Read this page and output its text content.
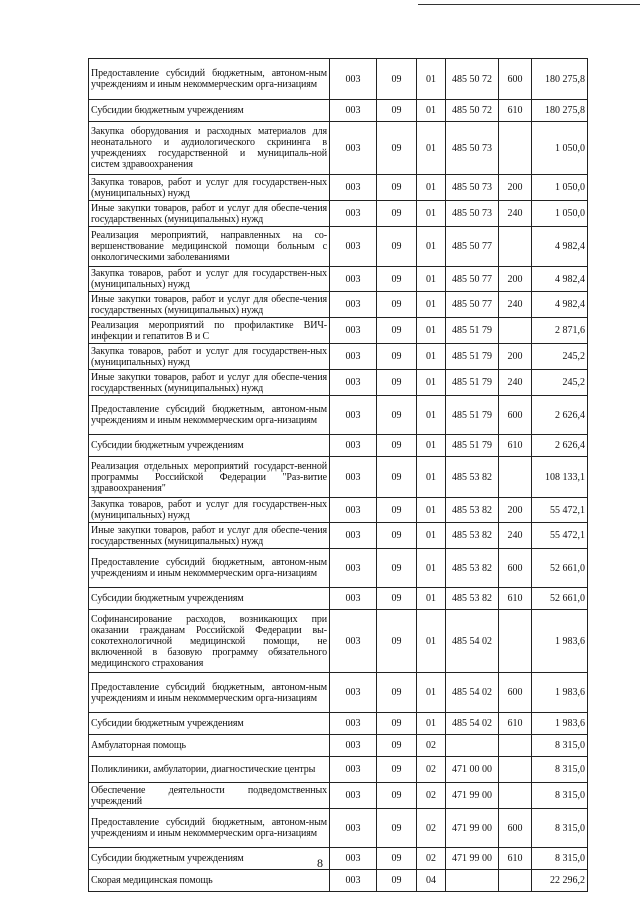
Предоставление субсидий бюджетным, автоном-ным учреждениям и иным некоммерческим орга-низациям	003	09	01	485 50 72	600	180 275,8
Субсидии бюджетным учреждениям	003	09	01	485 50 72	610	180 275,8
Закупка оборудования и расходных материалов для неонатального и аудиологического скрининга в учреждениях государственной и муниципаль-ной систем здравоохранения	003	09	01	485 50 73		1 050,0
Закупка товаров, работ и услуг для государствен-ных (муниципальных) нужд	003	09	01	485 50 73	200	1 050,0
Иные закупки товаров, работ и услуг для обеспе-чения государственных (муниципальных) нужд	003	09	01	485 50 73	240	1 050,0
Реализация мероприятий, направленных на со-вершенствование медицинской помощи больным с онкологическими заболеваниями	003	09	01	485 50 77		4 982,4
Закупка товаров, работ и услуг для государствен-ных (муниципальных) нужд	003	09	01	485 50 77	200	4 982,4
Иные закупки товаров, работ и услуг для обеспе-чения государственных (муниципальных) нужд	003	09	01	485 50 77	240	4 982,4
Реализация мероприятий по профилактике ВИЧ-инфекции и гепатитов В и С	003	09	01	485 51 79		2 871,6
Закупка товаров, работ и услуг для государствен-ных (муниципальных) нужд	003	09	01	485 51 79	200	245,2
Иные закупки товаров, работ и услуг для обеспе-чения государственных (муниципальных) нужд	003	09	01	485 51 79	240	245,2
Предоставление субсидий бюджетным, автоном-ным учреждениям и иным некоммерческим орга-низациям	003	09	01	485 51 79	600	2 626,4
Субсидии бюджетным учреждениям	003	09	01	485 51 79	610	2 626,4
Реализация отдельных мероприятий государст-венной программы Российской Федерации "Раз-витие здравоохранения"	003	09	01	485 53 82		108 133,1
Закупка товаров, работ и услуг для государствен-ных (муниципальных) нужд	003	09	01	485 53 82	200	55 472,1
Иные закупки товаров, работ и услуг для обеспе-чения государственных (муниципальных) нужд	003	09	01	485 53 82	240	55 472,1
Предоставление субсидий бюджетным, автоном-ным учреждениям и иным некоммерческим орга-низациям	003	09	01	485 53 82	600	52 661,0
Субсидии бюджетным учреждениям	003	09	01	485 53 82	610	52 661,0
Софинансирование расходов, возникающих при оказании гражданам Российской Федерации вы-сокотехнологичной медицинской помощи, не включенной в базовую программу обязательного медицинского страхования	003	09	01	485 54 02		1 983,6
Предоставление субсидий бюджетным, автоном-ным учреждениям и иным некоммерческим орга-низациям	003	09	01	485 54 02	600	1 983,6
Субсидии бюджетным учреждениям	003	09	01	485 54 02	610	1 983,6
Амбулаторная помощь	003	09	02			8 315,0
Поликлиники, амбулатории, диагностические центры	003	09	02	471 00 00		8 315,0
Обеспечение деятельности подведомственных учреждений	003	09	02	471 99 00		8 315,0
Предоставление субсидий бюджетным, автоном-ным учреждениям и иным некоммерческим орга-низациям	003	09	02	471 99 00	600	8 315,0
Субсидии бюджетным учреждениям	003	09	02	471 99 00	610	8 315,0
Скорая медицинская помощь	003	09	04			22 296,2
8
